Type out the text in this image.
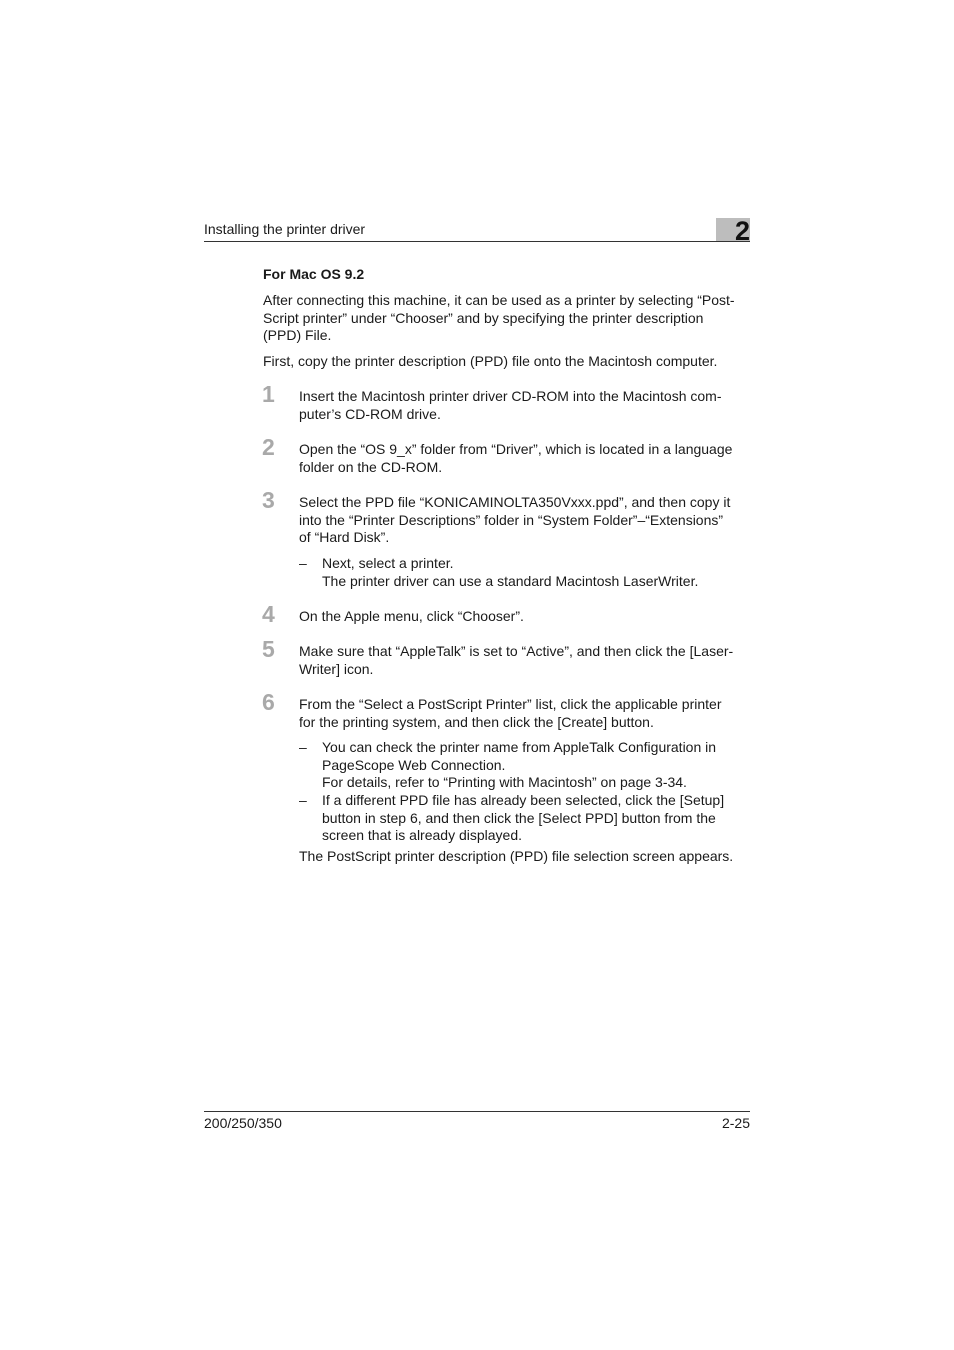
Installing the printer driver	2
For Mac OS 9.2
After connecting this machine, it can be used as a printer by selecting “Post-
Script printer” under “Chooser” and by specifying the printer description
(PPD) File.
First, copy the printer description (PPD) file onto the Macintosh computer.
1	Insert the Macintosh printer driver CD-ROM into the Macintosh com-
puter’s CD-ROM drive.
2	Open the “OS 9_x” folder from “Driver”, which is located in a language
folder on the CD-ROM.
3	Select the PPD file “KONICAMINOLTA350Vxxx.ppd”, and then copy it
into the “Printer Descriptions” folder in “System Folder”–“Extensions”
of “Hard Disk”.
– Next, select a printer.
The printer driver can use a standard Macintosh LaserWriter.
4	On the Apple menu, click “Chooser”.
5	Make sure that “AppleTalk” is set to “Active”, and then click the [Laser-
Writer] icon.
6	From the “Select a PostScript Printer” list, click the applicable printer
for the printing system, and then click the [Create] button.
– You can check the printer name from AppleTalk Configuration in
PageScope Web Connection.
For details, refer to “Printing with Macintosh” on page 3-34.
– If a different PPD file has already been selected, click the [Setup]
button in step 6, and then click the [Select PPD] button from the
screen that is already displayed.
The PostScript printer description (PPD) file selection screen appears.
200/250/350	2-25
